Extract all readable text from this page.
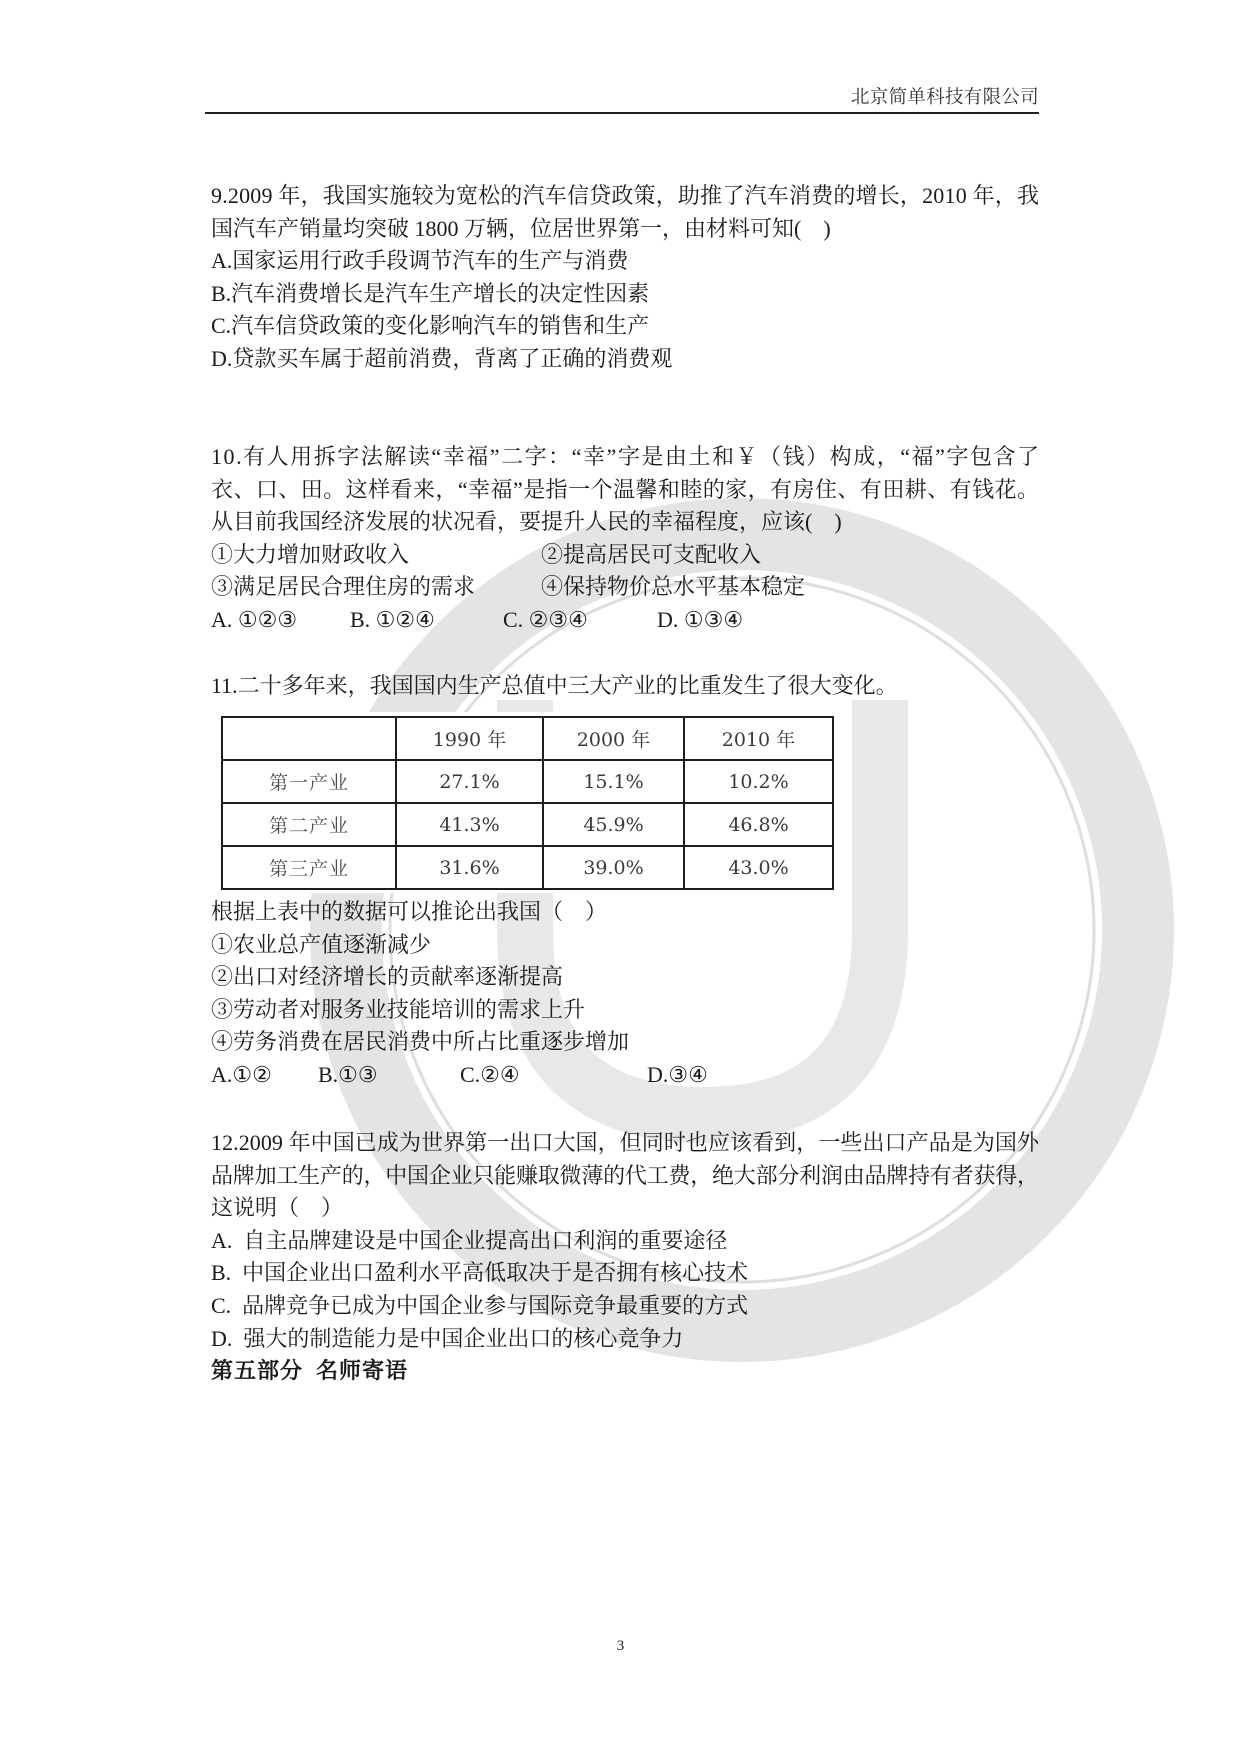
北京简单科技有限公司
9.2009 年，我国实施较为宽松的汽车信贷政策，助推了汽车消费的增长，2010 年，我
国汽车产销量均突破 1800 万辆，位居世界第一，由材料可知(    )
A.国家运用行政手段调节汽车的生产与消费
B.汽车消费增长是汽车生产增长的决定性因素
C.汽车信贷政策的变化影响汽车的销售和生产
D.贷款买车属于超前消费，背离了正确的消费观
10.有人用拆字法解读“幸福”二字：“幸”字是由土和￥（钱）构成，“福”字包含了
衣、口、田。这样看来，“幸福”是指一个温馨和睦的家，有房住、有田耕、有钱花。
从目前我国经济发展的状况看，要提升人民的幸福程度，应该(    )

①大力增加财政收入

	②提高居民可支配收入

③满足居民合理住房的需求

	④保持物价总水平基本稳定

A. ①②③

B. ①②④

	C. ②③④

	D. ①③④

11.二十多年来，我国国内生产总值中三大产业的比重发生了很大变化。
	1990 年	2000 年	2010 年
第一产业	27.1%	15.1%	10.2%
第二产业	41.3%	45.9%	46.8%
第三产业	31.6%	39.0%	43.0%
根据上表中的数据可以推论出我国（    ）
①农业总产值逐渐减少
②出口对经济增长的贡献率逐渐提高
③劳动者对服务业技能培训的需求上升
④劳务消费在居民消费中所占比重逐步增加

A.①②

B.①③

	C.②④

	D.③④

12.2009 年中国已成为世界第一出口大国，但同时也应该看到，一些出口产品是为国外
品牌加工生产的，中国企业只能赚取微薄的代工费，绝大部分利润由品牌持有者获得，
这说明（    ）
A.  自主品牌建设是中国企业提高出口利润的重要途径
B.  中国企业出口盈利水平高低取决于是否拥有核心技术
C.  品牌竞争已成为中国企业参与国际竞争最重要的方式
D.  强大的制造能力是中国企业出口的核心竞争力
第五部分  名师寄语
3
